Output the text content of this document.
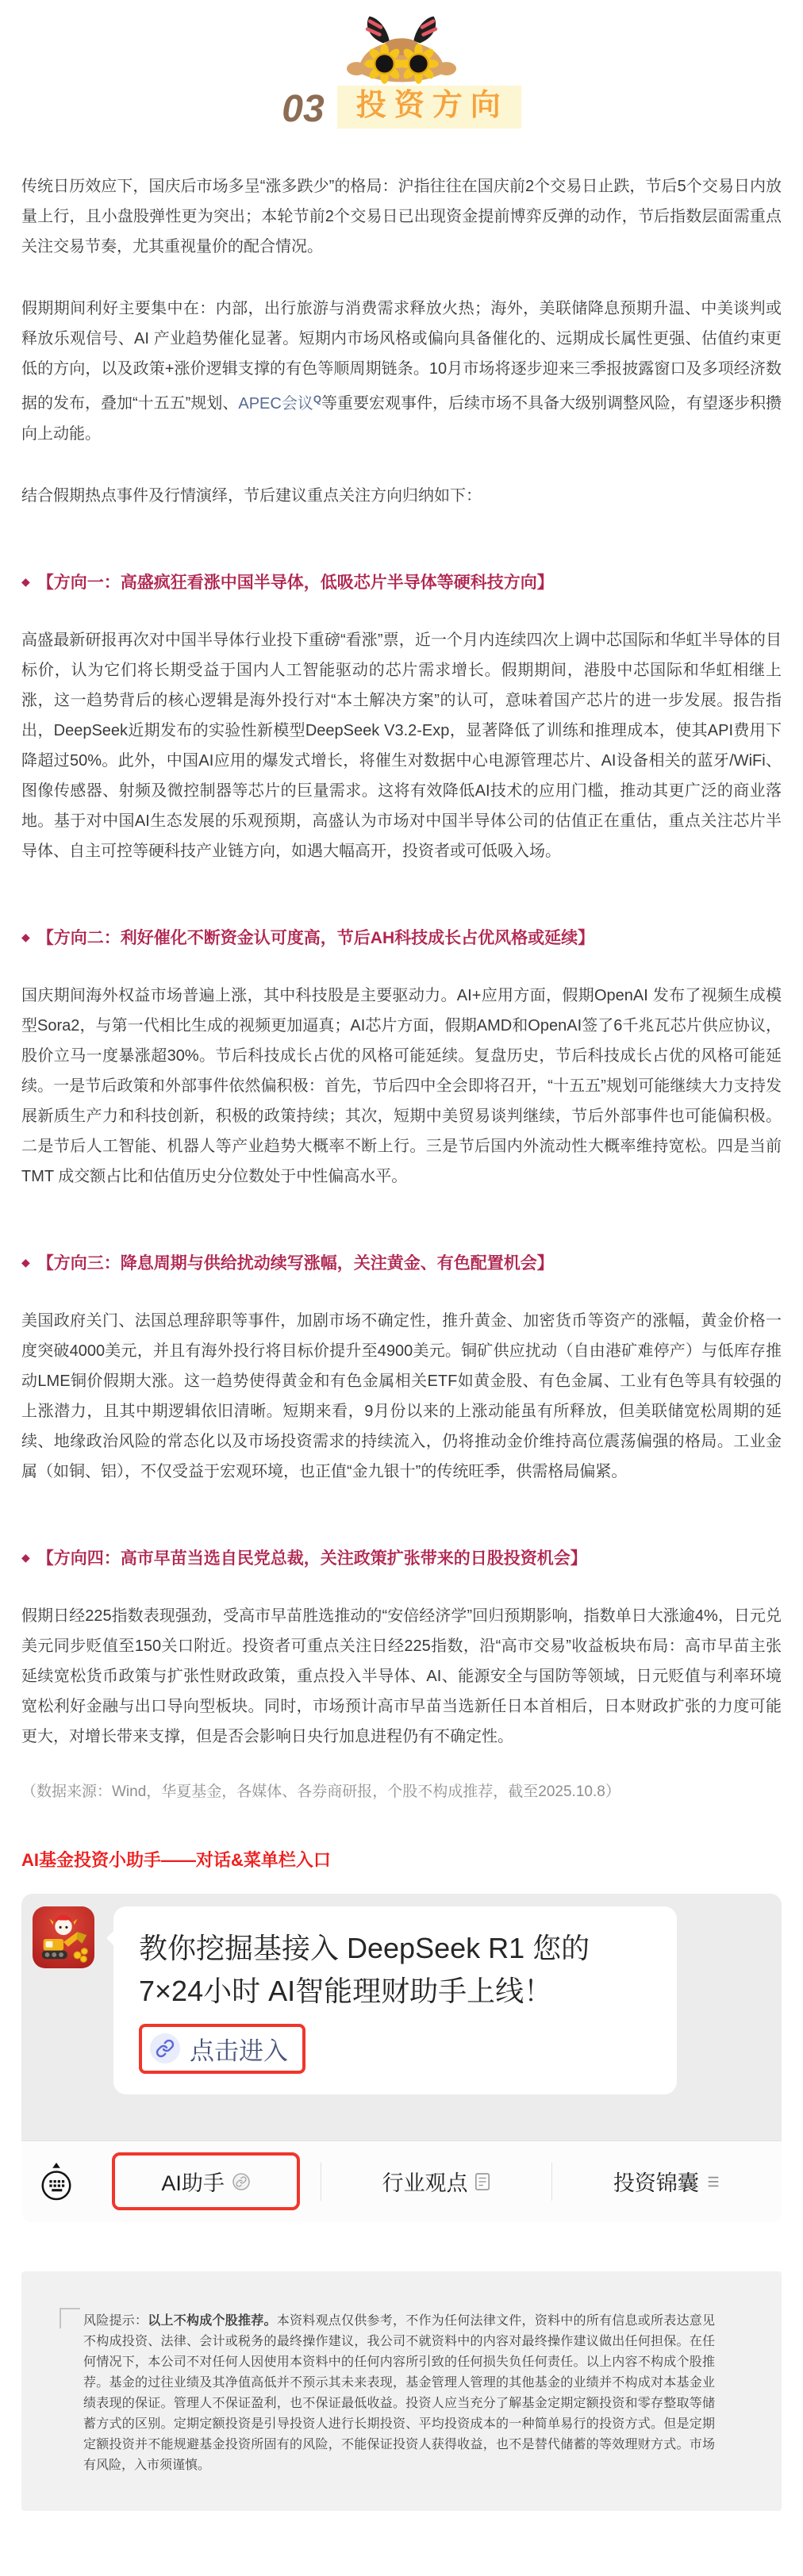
03	投资方向

传统日历效应下，国庆后市场多呈“涨多跌少”的格局：沪指往往在国庆前2个交易日止跌，节后5个交易日内放量上行，且小盘股弹性更为突出；本轮节前2个交易日已出现资金提前博弈反弹的动作，节后指数层面需重点关注交易节奏，尤其重视量价的配合情况。

假期期间利好主要集中在：内部，出行旅游与消费需求释放火热；海外，美联储降息预期升温、中美谈判或释放乐观信号、AI 产业趋势催化显著。短期内市场风格或偏向具备催化的、远期成长属性更强、估值约束更低的方向，以及政策+涨价逻辑支撑的有色等顺周期链条。10月市场将逐步迎来三季报披露窗口及多项经济数据的发布，叠加“十五五”规划、APEC会议$^Q$等重要宏观事件，后续市场不具备大级别调整风险，有望逐步积攒向上动能。

结合假期热点事件及行情演绎，节后建议重点关注方向归纳如下：

◆ 【方向一：高盛疯狂看涨中国半导体，低吸芯片半导体等硬科技方向】

高盛最新研报再次对中国半导体行业投下重磅“看涨”票，近一个月内连续四次上调中芯国际和华虹半导体的目标价，认为它们将长期受益于国内人工智能驱动的芯片需求增长。假期期间，港股中芯国际和华虹相继上涨，这一趋势背后的核心逻辑是海外投行对“本土解决方案”的认可，意味着国产芯片的进一步发展。报告指出，DeepSeek近期发布的实验性新模型DeepSeek V3.2-Exp，显著降低了训练和推理成本，使其API费用下降超过50%。此外，中国AI应用的爆发式增长，将催生对数据中心电源管理芯片、AI设备相关的蓝牙/WiFi、图像传感器、射频及微控制器等芯片的巨量需求。这将有效降低AI技术的应用门槛，推动其更广泛的商业落地。基于对中国AI生态发展的乐观预期，高盛认为市场对中国半导体公司的估值正在重估，重点关注芯片半导体、自主可控等硬科技产业链方向，如遇大幅高开，投资者或可低吸入场。

◆ 【方向二：利好催化不断资金认可度高，节后AH科技成长占优风格或延续】

国庆期间海外权益市场普遍上涨，其中科技股是主要驱动力。AI+应用方面，假期OpenAI 发布了视频生成模型Sora2，与第一代相比生成的视频更加逼真；AI芯片方面，假期AMD和OpenAI签了6千兆瓦芯片供应协议，股价立马一度暴涨超30%。节后科技成长占优的风格可能延续。复盘历史，节后科技成长占优的风格可能延续。一是节后政策和外部事件依然偏积极：首先，节后四中全会即将召开，“十五五”规划可能继续大力支持发展新质生产力和科技创新，积极的政策持续；其次，短期中美贸易谈判继续，节后外部事件也可能偏积极。二是节后人工智能、机器人等产业趋势大概率不断上行。三是节后国内外流动性大概率维持宽松。四是当前TMT 成交额占比和估值历史分位数处于中性偏高水平。

◆ 【方向三：降息周期与供给扰动续写涨幅，关注黄金、有色配置机会】

美国政府关门、法国总理辞职等事件，加剧市场不确定性，推升黄金、加密货币等资产的涨幅，黄金价格一度突破4000美元，并且有海外投行将目标价提升至4900美元。铜矿供应扰动（自由港矿难停产）与低库存推动LME铜价假期大涨。这一趋势使得黄金和有色金属相关ETF如黄金股、有色金属、工业有色等具有较强的上涨潜力，且其中期逻辑依旧清晰。短期来看，9月份以来的上涨动能虽有所释放，但美联储宽松周期的延续、地缘政治风险的常态化以及市场投资需求的持续流入，仍将推动金价维持高位震荡偏强的格局。工业金属（如铜、铝），不仅受益于宏观环境，也正值“金九银十”的传统旺季，供需格局偏紧。

◆ 【方向四：高市早苗当选自民党总裁，关注政策扩张带来的日股投资机会】

假期日经225指数表现强劲，受高市早苗胜选推动的“安倍经济学”回归预期影响，指数单日大涨逾4%，日元兑美元同步贬值至150关口附近。投资者可重点关注日经225指数，沿“高市交易”收益板块布局：高市早苗主张延续宽松货币政策与扩张性财政政策，重点投入半导体、AI、能源安全与国防等领域，日元贬值与利率环境宽松利好金融与出口导向型板块。同时，市场预计高市早苗当选新任日本首相后，日本财政扩张的力度可能更大，对增长带来支撑，但是否会影响日央行加息进程仍有不确定性。

（数据来源：Wind，华夏基金，各媒体、各券商研报，个股不构成推荐，截至2025.10.8）

AI基金投资小助手——对话&菜单栏入口
教你挖掘基接入 DeepSeek R1 您的7×24小时 AI智能理财助手上线！
点击进入
AI助手	行业观点	投资锦囊

风险提示：以上不构成个股推荐。本资料观点仅供参考，不作为任何法律文件，资料中的所有信息或所表达意见不构成投资、法律、会计或税务的最终操作建议，我公司不就资料中的内容对最终操作建议做出任何担保。在任何情况下，本公司不对任何人因使用本资料中的任何内容所引致的任何损失负任何责任。以上内容不构成个股推荐。基金的过往业绩及其净值高低并不预示其未来表现，基金管理人管理的其他基金的业绩并不构成对本基金业绩表现的保证。管理人不保证盈利，也不保证最低收益。投资人应当充分了解基金定期定额投资和零存整取等储蓄方式的区别。定期定额投资是引导投资人进行长期投资、平均投资成本的一种简单易行的投资方式。但是定期定额投资并不能规避基金投资所固有的风险，不能保证投资人获得收益，也不是替代储蓄的等效理财方式。市场有风险，入市须谨慎。
